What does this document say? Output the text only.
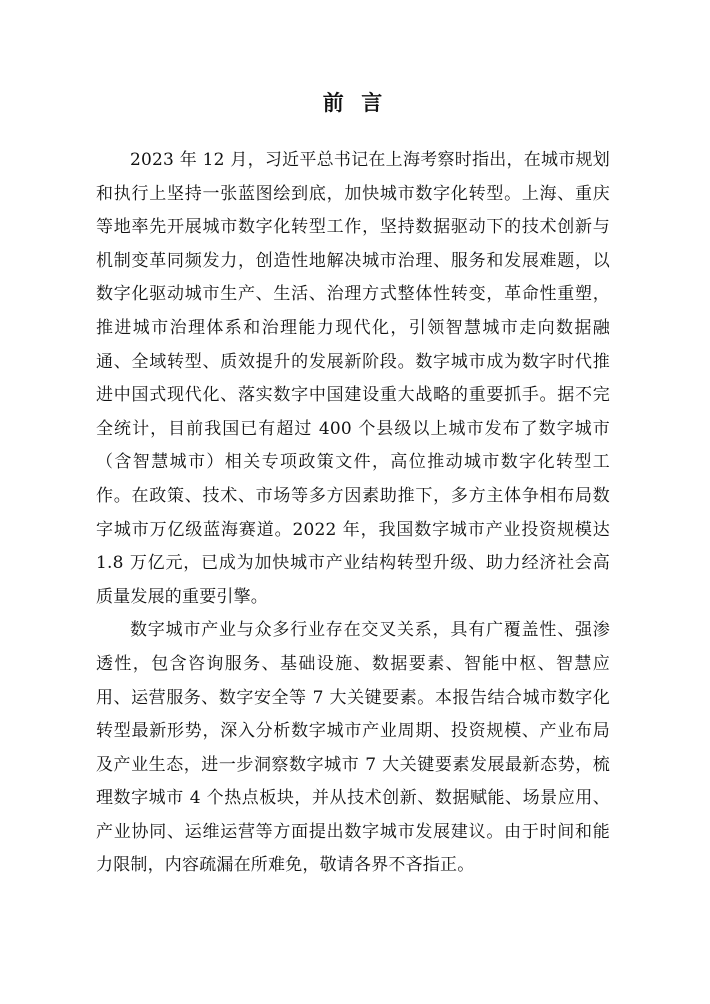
前  言

2023 年 12 月，习近平总书记在上海考察时指出，在城市规划和执行上坚持一张蓝图绘到底，加快城市数字化转型。上海、重庆等地率先开展城市数字化转型工作，坚持数据驱动下的技术创新与机制变革同频发力，创造性地解决城市治理、服务和发展难题，以数字化驱动城市生产、生活、治理方式整体性转变，革命性重塑，推进城市治理体系和治理能力现代化，引领智慧城市走向数据融通、全域转型、质效提升的发展新阶段。数字城市成为数字时代推进中国式现代化、落实数字中国建设重大战略的重要抓手。据不完全统计，目前我国已有超过 400 个县级以上城市发布了数字城市（含智慧城市）相关专项政策文件，高位推动城市数字化转型工作。在政策、技术、市场等多方因素助推下，多方主体争相布局数字城市万亿级蓝海赛道。2022 年，我国数字城市产业投资规模达 1.8 万亿元，已成为加快城市产业结构转型升级、助力经济社会高质量发展的重要引擎。

数字城市产业与众多行业存在交叉关系，具有广覆盖性、强渗透性，包含咨询服务、基础设施、数据要素、智能中枢、智慧应用、运营服务、数字安全等 7 大关键要素。本报告结合城市数字化转型最新形势，深入分析数字城市产业周期、投资规模、产业布局及产业生态，进一步洞察数字城市 7 大关键要素发展最新态势，梳理数字城市 4 个热点板块，并从技术创新、数据赋能、场景应用、产业协同、运维运营等方面提出数字城市发展建议。由于时间和能力限制，内容疏漏在所难免，敬请各界不吝指正。
